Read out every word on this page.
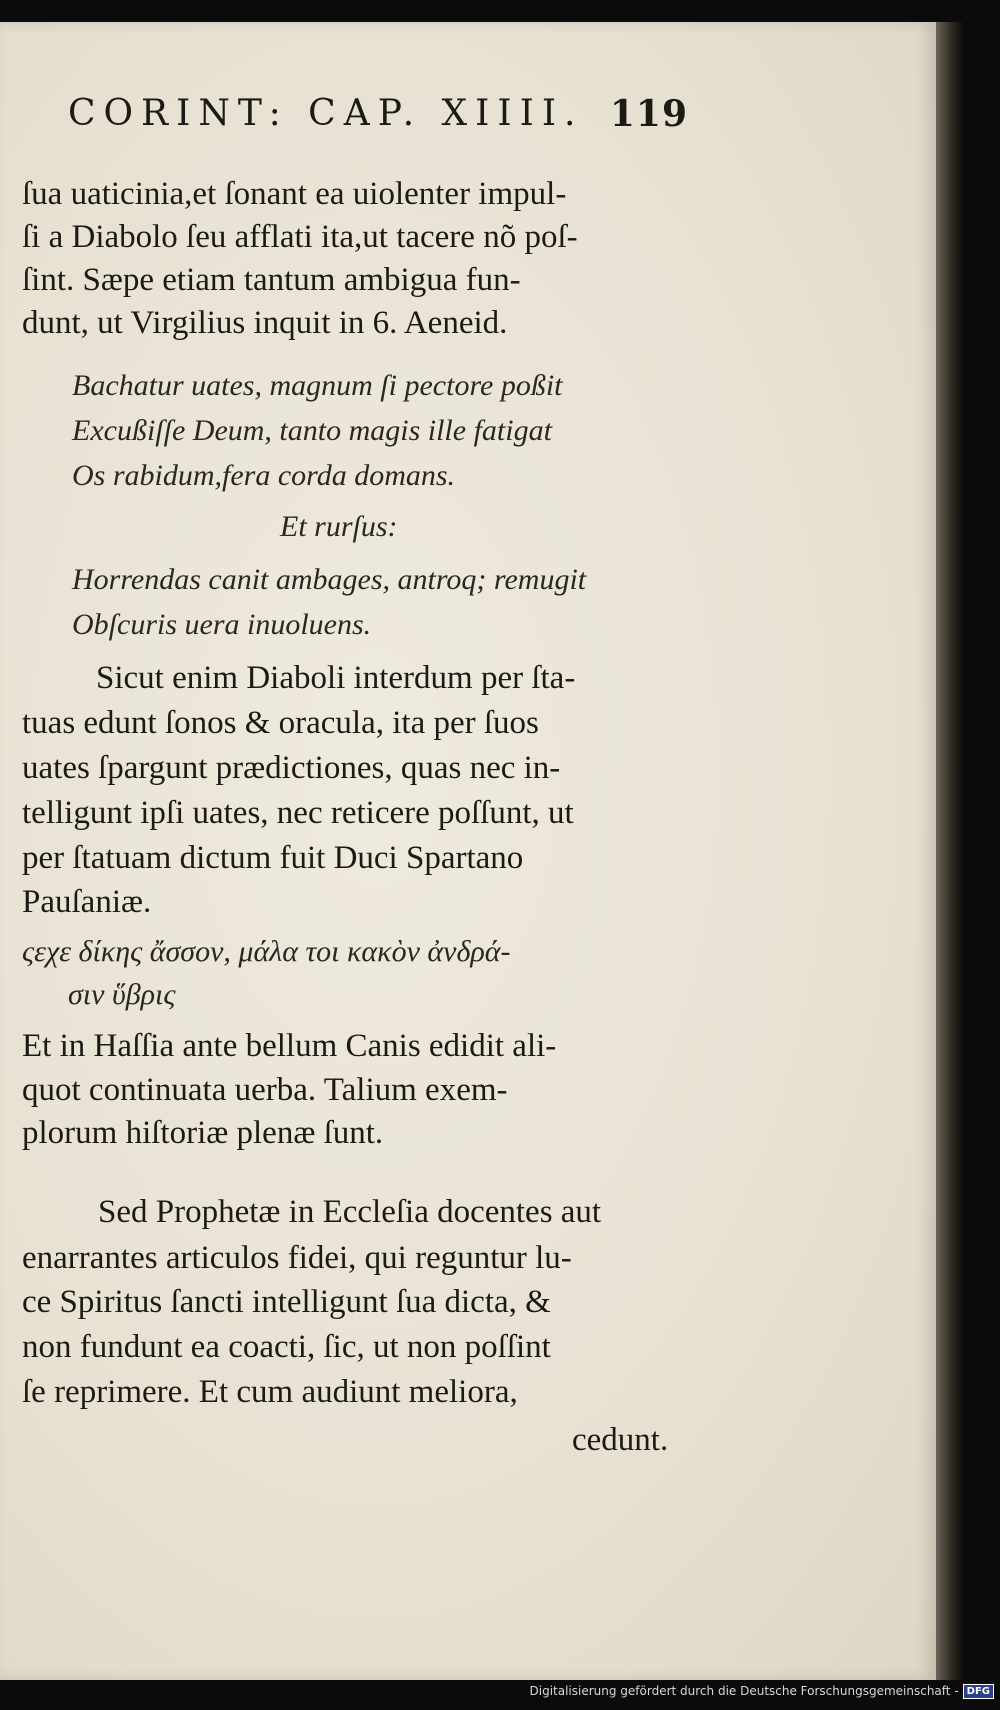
CORINT: CAP. XIIII. 119
ſua uaticinia,et ſonant ea uiolenter impul-
ſi a Diabolo ſeu afflati ita,ut tacere nõ poſ-
ſint. Sæpe etiam tantum ambigua fun-
dunt, ut Virgilius inquit in 6. Aeneid.
Bachatur uates, magnum ſi pectore poßit
Excußiſſe Deum, tanto magis ille fatigat
Os rabidum,fera corda domans.
Et rurſus:
Horrendas canit ambages, antroq; remugit
Obſcuris uera inuoluens.
Sicut enim Diaboli interdum per ſta-
tuas edunt ſonos & oracula, ita per ſuos
uates ſpargunt prædictiones, quas nec in-
telligunt ipſi uates, nec reticere poſſunt, ut
per ſtatuam dictum fuit Duci Spartano
Pauſaniæ.
ςεχε δίκης ἄσσον, μάλα τοι κακὸν ἀνδρά-
σιν ὕβρις
Et in Haſſia ante bellum Canis edidit ali-
quot continuata uerba. Talium exem-
plorum hiſtoriæ plenæ ſunt.
Sed Prophetæ in Eccleſia docentes aut
enarrantes articulos fidei, qui reguntur lu-
ce Spiritus ſancti intelligunt ſua dicta, &
non fundunt ea coacti, ſic, ut non poſſint
ſe reprimere. Et cum audiunt meliora,
cedunt.
Digitalisierung gefördert durch die Deutsche Forschungsgemeinschaft - DFG
